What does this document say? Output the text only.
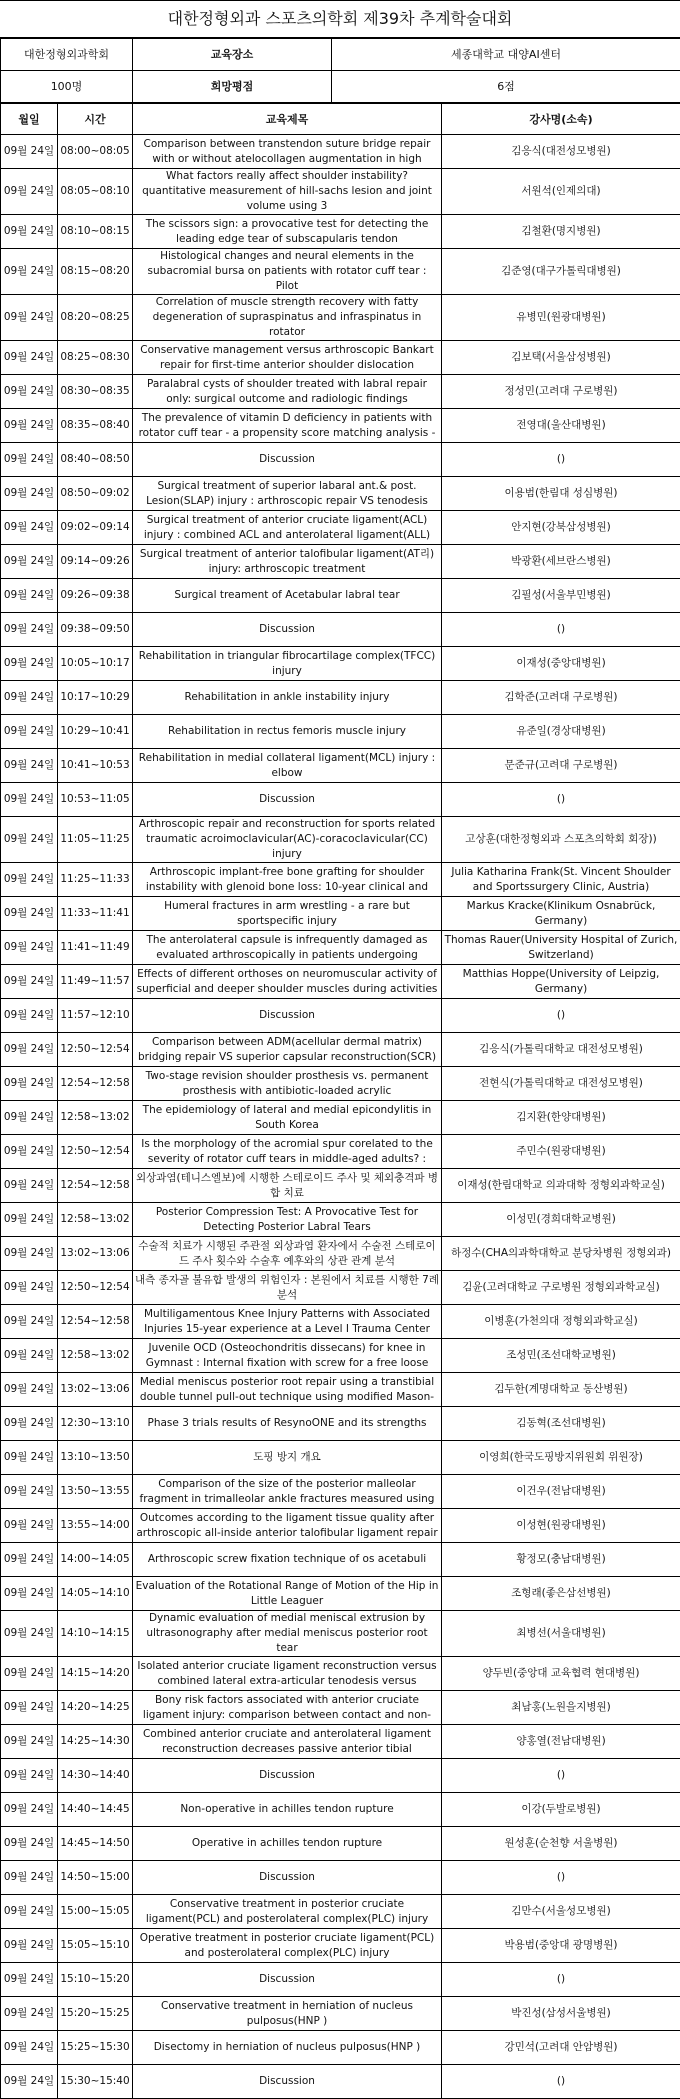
대한정형외과 스포츠의학회 제39차 추계학술대회
대한정형외과학회	교육장소	세종대학교 대양AI센터
100명	희망평점	6점
월일	시간	교육제목	강사명(소속)
09월 24일	08:00~08:05	Comparison between transtendon suture bridge repair with or without atelocollagen augmentation in high	김응식(대전성모병원)
09월 24일	08:05~08:10	What factors really affect shoulder instability? quantitative measurement of hill-sachs lesion and joint volume using 3	서원석(인제의대)
09월 24일	08:10~08:15	The scissors sign: a provocative test for detecting the leading edge tear of subscapularis tendon	김철환(명지병원)
09월 24일	08:15~08:20	Histological changes and neural elements in the subacromial bursa on patients with rotator cuff tear : Pilot	김준영(대구가톨릭대병원)
09월 24일	08:20~08:25	Correlation of muscle strength recovery with fatty degeneration of supraspinatus and infraspinatus in rotator	유병민(원광대병원)
09월 24일	08:25~08:30	Conservative management versus arthroscopic Bankart repair for first-time anterior shoulder dislocation	김보택(서울삼성병원)
09월 24일	08:30~08:35	Paralabral cysts of shoulder treated with labral repair only: surgical outcome and radiologic findings	정성민(고려대 구로병원)
09월 24일	08:35~08:40	The prevalence of vitamin D deficiency in patients with rotator cuff tear - a propensity score matching analysis -	전영대(울산대병원)
09월 24일	08:40~08:50	Discussion	()
09월 24일	08:50~09:02	Surgical treatment of superior labaral ant.& post. Lesion(SLAP) injury : arthroscopic repair VS tenodesis	이용범(한림대 성심병원)
09월 24일	09:02~09:14	Surgical treatment of anterior cruciate ligament(ACL) injury : combined ACL and anterolateral ligament(ALL)	안지현(강북삼성병원)
09월 24일	09:14~09:26	Surgical treatment of anterior talofibular ligament(AT리) injury: arthroscopic treatment	박광환(세브란스병원)
09월 24일	09:26~09:38	Surgical treament of Acetabular labral tear	김필성(서울부민병원)
09월 24일	09:38~09:50	Discussion	()
09월 24일	10:05~10:17	Rehabilitation in triangular fibrocartilage complex(TFCC) injury	이재성(중앙대병원)
09월 24일	10:17~10:29	Rehabilitation in ankle instability injury	김학준(고려대 구로병원)
09월 24일	10:29~10:41	Rehabilitation in rectus femoris muscle injury	유준일(경상대병원)
09월 24일	10:41~10:53	Rehabilitation in medial collateral ligament(MCL) injury : elbow	문준규(고려대 구로병원)
09월 24일	10:53~11:05	Discussion	()
09월 24일	11:05~11:25	Arthroscopic repair and reconstruction for sports related traumatic acroimoclavicular(AC)-coracoclavicular(CC) injury	고상훈(대한정형외과 스포츠의학회 회장))
09월 24일	11:25~11:33	Arthroscopic implant-free bone grafting for shoulder instability with glenoid bone loss: 10-year clinical and	Julia Katharina Frank(St. Vincent Shoulder and Sportssurgery Clinic, Austria)
09월 24일	11:33~11:41	Humeral fractures in arm wrestling - a rare but sportspecific injury	Markus Kracke(Klinikum Osnabrück, Germany)
09월 24일	11:41~11:49	The anterolateral capsule is infrequently damaged as evaluated arthroscopically in patients undergoing	Thomas Rauer(University Hospital of Zurich, Switzerland)
09월 24일	11:49~11:57	Effects of different orthoses on neuromuscular activity of superficial and deeper shoulder muscles during activities	Matthias Hoppe(University of Leipzig, Germany)
09월 24일	11:57~12:10	Discussion	()
09월 24일	12:50~12:54	Comparison between ADM(acellular dermal matrix) bridging repair VS superior capsular reconstruction(SCR)	김응식(가톨릭대학교 대전성모병원)
09월 24일	12:54~12:58	Two-stage revision shoulder prosthesis vs. permanent prosthesis with antibiotic-loaded acrylic	전현식(가톨릭대학교 대전성모병원)
09월 24일	12:58~13:02	The epidemiology of lateral and medial epicondylitis in South Korea	김지환(한양대병원)
09월 24일	12:50~12:54	Is the morphology of the acromial spur corelated to the severity of rotator cuff tears in middle-aged adults? :	주민수(원광대병원)
09월 24일	12:54~12:58	외상과염(테니스엘보)에 시행한 스테로이드 주사 및 체외충격파 병합 치료	이재성(한림대학교 의과대학 정형외과학교실)
09월 24일	12:58~13:02	Posterior Compression Test: A Provocative Test for Detecting Posterior Labral Tears	이성민(경희대학교병원)
09월 24일	13:02~13:06	수술적 치료가 시행된 주관절 외상과염 환자에서 수술전 스테로이드 주사 횟수와 수술후 예후와의 상관 관계 분석	하정수(CHA의과학대학교 분당차병원 정형외과)
09월 24일	12:50~12:54	내측 종자골 불유합 발생의 위험인자 : 본원에서 치료를 시행한 7례 분석	김윤(고려대학교 구로병원 정형외과학교실)
09월 24일	12:54~12:58	Multiligamentous Knee Injury Patterns with Associated Injuries 15-year experience at a Level I Trauma Center	이병훈(가천의대 정형외과학교실)
09월 24일	12:58~13:02	Juvenile OCD (Osteochondritis dissecans) for knee in Gymnast : Internal fixation with screw for a free loose	조성민(조선대학교병원)
09월 24일	13:02~13:06	Medial meniscus posterior root repair using a transtibial double tunnel pull-out technique using modified Mason-	김두한(계명대학교 동산병원)
09월 24일	12:30~13:10	Phase 3 trials results of ResynoONE and its strengths	김동혁(조선대병원)
09월 24일	13:10~13:50	도핑 방지 개요	이영희(한국도핑방지위원회 위원장)
09월 24일	13:50~13:55	Comparison of the size of the posterior malleolar fragment in trimalleolar ankle fractures measured using	이건우(전남대병원)
09월 24일	13:55~14:00	Outcomes according to the ligament tissue quality after arthroscopic all-inside anterior talofibular ligament repair	이성현(원광대병원)
09월 24일	14:00~14:05	Arthroscopic screw fixation technique of os acetabuli	황정모(충남대병원)
09월 24일	14:05~14:10	Evaluation of the Rotational Range of Motion of the Hip in Little Leaguer	조형래(좋은삼선병원)
09월 24일	14:10~14:15	Dynamic evaluation of medial meniscal extrusion by ultrasonography after medial meniscus posterior root tear	최병선(서울대병원)
09월 24일	14:15~14:20	Isolated anterior cruciate ligament reconstruction versus combined lateral extra-articular tenodesis versus	양두빈(중앙대 교육협력 현대병원)
09월 24일	14:20~14:25	Bony risk factors associated with anterior cruciate ligament injury: comparison between contact and non-	최남홍(노원을지병원)
09월 24일	14:25~14:30	Combined anterior cruciate and anterolateral ligament reconstruction decreases passive anterior tibial	양홍열(전남대병원)
09월 24일	14:30~14:40	Discussion	()
09월 24일	14:40~14:45	Non-operative in achilles tendon rupture	이강(두발로병원)
09월 24일	14:45~14:50	Operative in achilles tendon rupture	원성훈(순천향 서울병원)
09월 24일	14:50~15:00	Discussion	()
09월 24일	15:00~15:05	Conservative treatment in posterior cruciate ligament(PCL) and posterolateral complex(PLC) injury	김만수(서울성모병원)
09월 24일	15:05~15:10	Operative treatment in posterior cruciate ligament(PCL) and posterolateral complex(PLC) injury	박용범(중앙대 광명병원)
09월 24일	15:10~15:20	Discussion	()
09월 24일	15:20~15:25	Conservative treatment in herniation of nucleus pulposus(HNP )	박진성(삼성서울병원)
09월 24일	15:25~15:30	Disectomy in herniation of nucleus pulposus(HNP )	강민석(고려대 안암병원)
09월 24일	15:30~15:40	Discussion	()
